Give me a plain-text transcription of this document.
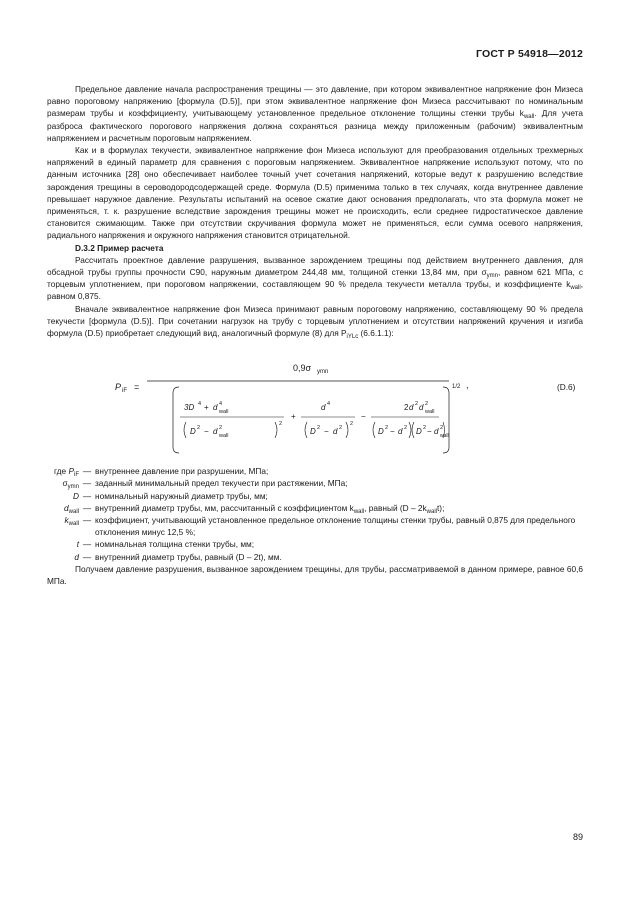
ГОСТ Р 54918—2012

Предельное давление начала распространения трещины — это давление, при котором эквивалентное напряжение фон Мизеса равно пороговому напряжению [формула (D.5)], при этом эквивалентное напряжение фон Мизеса рассчитывают по номинальным размерам трубы и коэффициенту, учитывающему установленное предельное отклонение толщины стенки трубы $k_{wall}$. Для учета разброса фактического порогового напряжения должна сохраняться разница между приложенным (рабочим) эквивалентным напряжением и расчетным пороговым напряжением.

Как и в формулах текучести, эквивалентное напряжение фон Мизеса используют для преобразования отдельных трехмерных напряжений в единый параметр для сравнения с пороговым напряжением. Эквивалентное напряжение используют потому, что по данным источника [28] оно обеспечивает наиболее точный учет сочетания напряжений, которые ведут к разрушению вследствие зарождения трещины в сероводородсодержащей среде. Формула (D.5) применима только в тех случаях, когда внутреннее давление превышает наружное давление. Результаты испытаний на осевое сжатие дают основания предполагать, что эта формула может не применяться, т. к. разрушение вследствие зарождения трещины может не происходить, если среднее гидростатическое давление становится сжимающим. Также при отсутствии скручивания формула может не применяться, если сумма осевого напряжения, радиального напряжения и окружного напряжения становится отрицательной.

D.3.2 Пример расчета

Рассчитать проектное давление разрушения, вызванное зарождением трещины под действием внутреннего давления, для обсадной трубы группы прочности С90, наружным диаметром 244,48 мм, толщиной стенки 13,84 мм, при $\sigma_{ymn}$, равном 621 МПа, с торцевым уплотнением, при пороговом напряжении, составляющем 90 % предела текучести металла трубы, и коэффициенте $k_{wall}$, равном 0,875.

Вначале эквивалентное напряжение фон Мизеса принимают равным пороговому напряжению, составляющему 90 % предела текучести [формула (D.5)]. При сочетании нагрузок на трубу с торцевым уплотнением и отсутствии напряжений кручения и изгиба формула (D.5) приобретает следующий вид, аналогичный формуле (8) для $P_{iYLc}$ (6.6.1.1):

P iF =
0,9σ ymn
1/2 ,
3D 4 + d 4
wall
D 2 − d 2
wall
2
+
d 4
D 2 − d 2
2
−
2 d 2 d 2
wall
D 2 − d 2 D 2 − d 2
wall
(D.6)
где $P_{iF}$ — внутреннее давление при разрушении, МПа;
$\sigma_{ymn}$ — заданный минимальный предел текучести при растяжении, МПа;
D — номинальный наружный диаметр трубы, мм;
$d_{wall}$ — внутренний диаметр трубы, мм, рассчитанный с коэффициентом $k_{wall}$, равный $(D - 2k_{wall}t)$;
$k_{wall}$ — коэффициент, учитывающий установленное предельное отклонение толщины стенки трубы, равный 0,875 для предельного отклонения минус 12,5 %;
t — номинальная толщина стенки трубы, мм;
d — внутренний диаметр трубы, равный (D – 2t), мм.

Получаем давление разрушения, вызванное зарождением трещины, для трубы, рассматриваемой в данном примере, равное 60,6 МПа.

89
